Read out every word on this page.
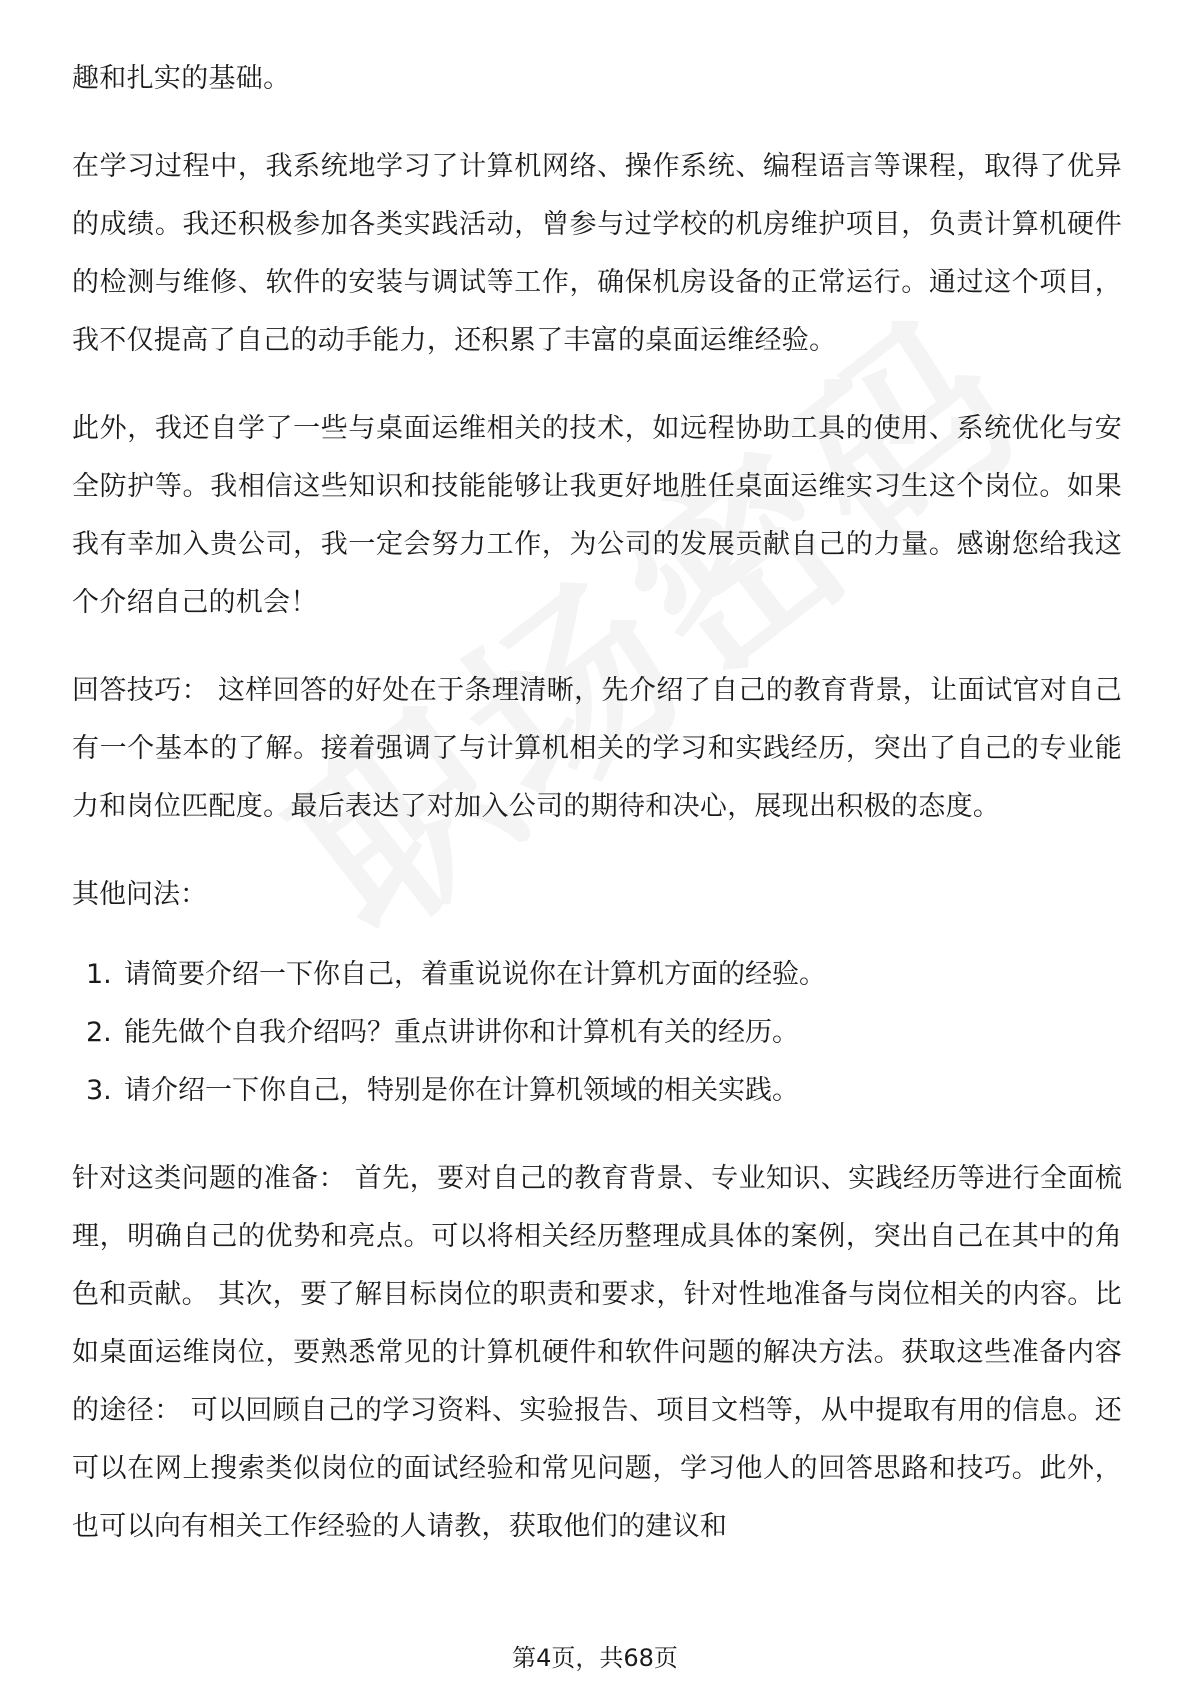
趣和扎实的基础。

在学习过程中，我系统地学习了计算机网络、操作系统、编程语言等课程，取得了优异的成绩。我还积极参加各类实践活动，曾参与过学校的机房维护项目，负责计算机硬件的检测与维修、软件的安装与调试等工作，确保机房设备的正常运行。通过这个项目，我不仅提高了自己的动手能力，还积累了丰富的桌面运维经验。

此外，我还自学了一些与桌面运维相关的技术，如远程协助工具的使用、系统优化与安全防护等。我相信这些知识和技能能够让我更好地胜任桌面运维实习生这个岗位。如果我有幸加入贵公司，我一定会努力工作，为公司的发展贡献自己的力量。感谢您给我这个介绍自己的机会！

回答技巧： 这样回答的好处在于条理清晰，先介绍了自己的教育背景，让面试官对自己有一个基本的了解。接着强调了与计算机相关的学习和实践经历，突出了自己的专业能力和岗位匹配度。最后表达了对加入公司的期待和决心，展现出积极的态度。

其他问法：

1. 请简要介绍一下你自己，着重说说你在计算机方面的经验。
2. 能先做个自我介绍吗？重点讲讲你和计算机有关的经历。
3. 请介绍一下你自己，特别是你在计算机领域的相关实践。

针对这类问题的准备： 首先，要对自己的教育背景、专业知识、实践经历等进行全面梳理，明确自己的优势和亮点。可以将相关经历整理成具体的案例，突出自己在其中的角色和贡献。 其次，要了解目标岗位的职责和要求，针对性地准备与岗位相关的内容。比如桌面运维岗位，要熟悉常见的计算机硬件和软件问题的解决方法。获取这些准备内容的途径： 可以回顾自己的学习资料、实验报告、项目文档等，从中提取有用的信息。还可以在网上搜索类似岗位的面试经验和常见问题，学习他人的回答思路和技巧。此外，也可以向有相关工作经验的人请教，获取他们的建议和

第4页，共68页
